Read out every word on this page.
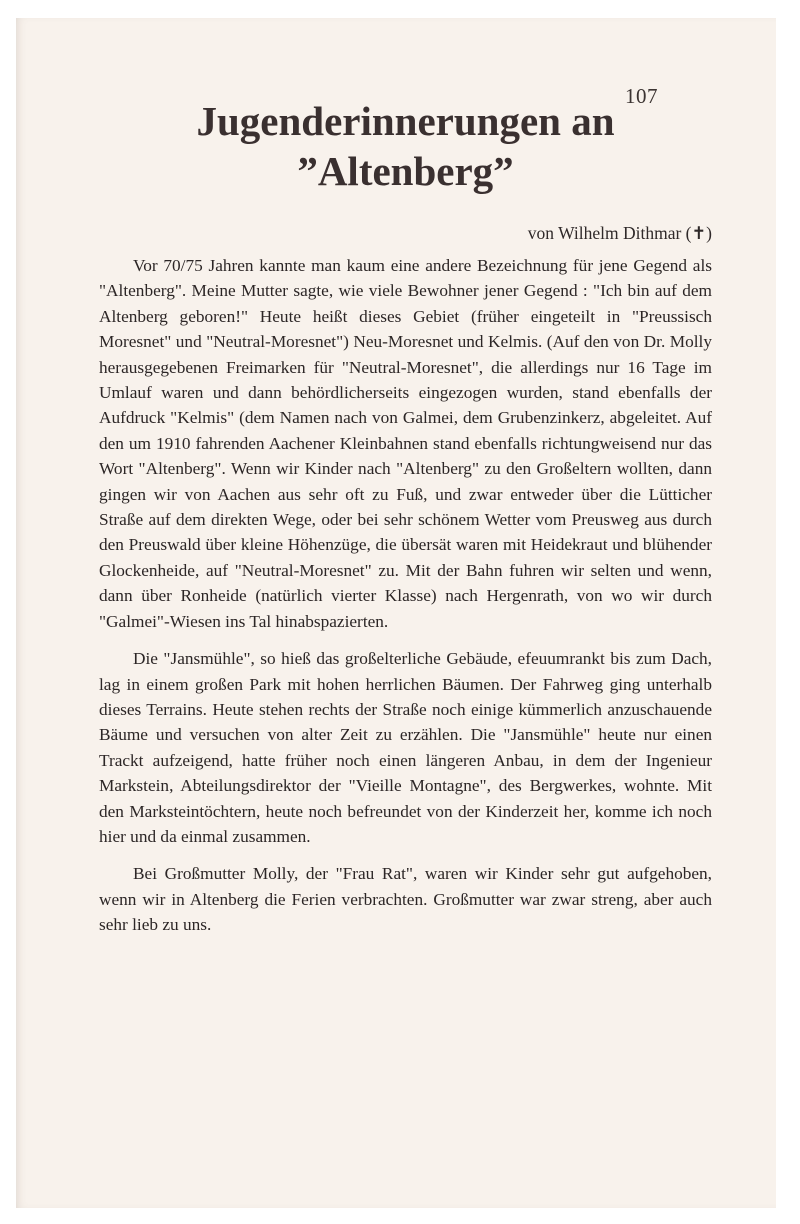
107
Jugenderinnerungen an
”Altenberg”
von Wilhelm Dithmar (✝)

Vor 70/75 Jahren kannte man kaum eine andere Bezeichnung für jene Gegend als "Altenberg". Meine Mutter sagte, wie viele Bewohner jener Gegend : "Ich bin auf dem Altenberg geboren!" Heute heißt dieses Gebiet (früher eingeteilt in "Preussisch Moresnet" und "Neutral-Moresnet") Neu-Moresnet und Kelmis. (Auf den von Dr. Molly herausgegebenen Freimarken für "Neutral-Moresnet", die allerdings nur 16 Tage im Umlauf waren und dann behördlicherseits eingezogen wurden, stand ebenfalls der Aufdruck "Kelmis" (dem Namen nach von Galmei, dem Grubenzinkerz, abgeleitet. Auf den um 1910 fahrenden Aachener Kleinbahnen stand ebenfalls richtungweisend nur das Wort "Altenberg". Wenn wir Kinder nach "Altenberg" zu den Großeltern wollten, dann gingen wir von Aachen aus sehr oft zu Fuß, und zwar entweder über die Lütticher Straße auf dem direkten Wege, oder bei sehr schönem Wetter vom Preusweg aus durch den Preuswald über kleine Höhenzüge, die übersät waren mit Heidekraut und blühender Glockenheide, auf "Neutral-Moresnet" zu. Mit der Bahn fuhren wir selten und wenn, dann über Ronheide (natürlich vierter Klasse) nach Hergenrath, von wo wir durch "Galmei"-Wiesen ins Tal hinabspazierten.

Die "Jansmühle", so hieß das großelterliche Gebäude, efeuumrankt bis zum Dach, lag in einem großen Park mit hohen herrlichen Bäumen. Der Fahrweg ging unterhalb dieses Terrains. Heute stehen rechts der Straße noch einige kümmerlich anzuschauende Bäume und versuchen von alter Zeit zu erzählen. Die "Jansmühle" heute nur einen Trackt aufzeigend, hatte früher noch einen längeren Anbau, in dem der Ingenieur Markstein, Abteilungsdirektor der "Vieille Montagne", des Bergwerkes, wohnte. Mit den Marksteintöchtern, heute noch befreundet von der Kinderzeit her, komme ich noch hier und da einmal zusammen.

Bei Großmutter Molly, der "Frau Rat", waren wir Kinder sehr gut aufgehoben, wenn wir in Altenberg die Ferien verbrachten. Großmutter war zwar streng, aber auch sehr lieb zu uns.
